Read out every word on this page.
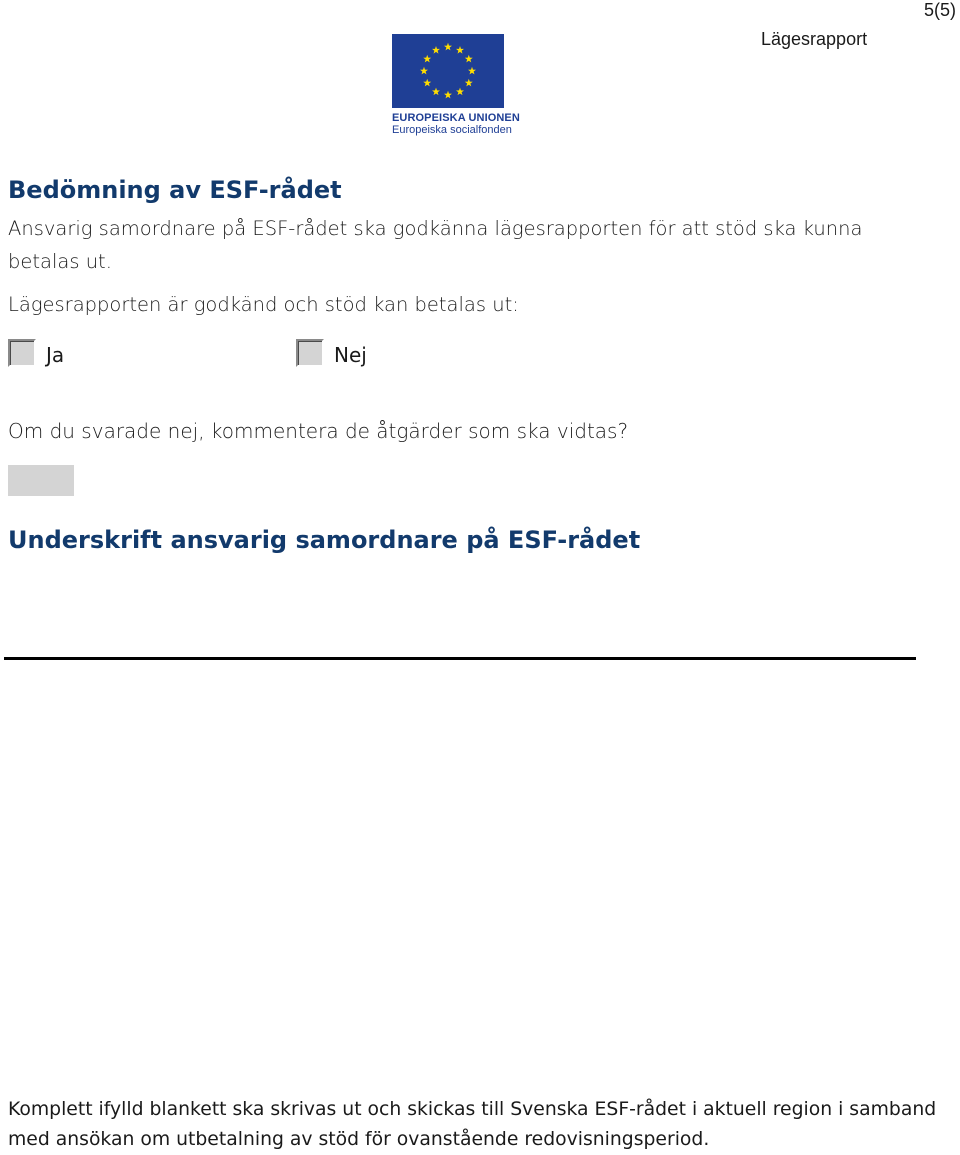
5(5)
Lägesrapport
EUROPEISKA UNIONEN
Europeiska socialfonden
Bedömning av ESF-rådet
Ansvarig samordnare på ESF-rådet ska godkänna lägesrapporten för att stöd ska kunna betalas ut.
Lägesrapporten är godkänd och stöd kan betalas ut:
Ja	Nej
Om du svarade nej, kommentera de åtgärder som ska vidtas?
Underskrift ansvarig samordnare på ESF-rådet
Komplett ifylld blankett ska skrivas ut och skickas till Svenska ESF-rådet i aktuell region i samband med ansökan om utbetalning av stöd för ovanstående redovisningsperiod.
